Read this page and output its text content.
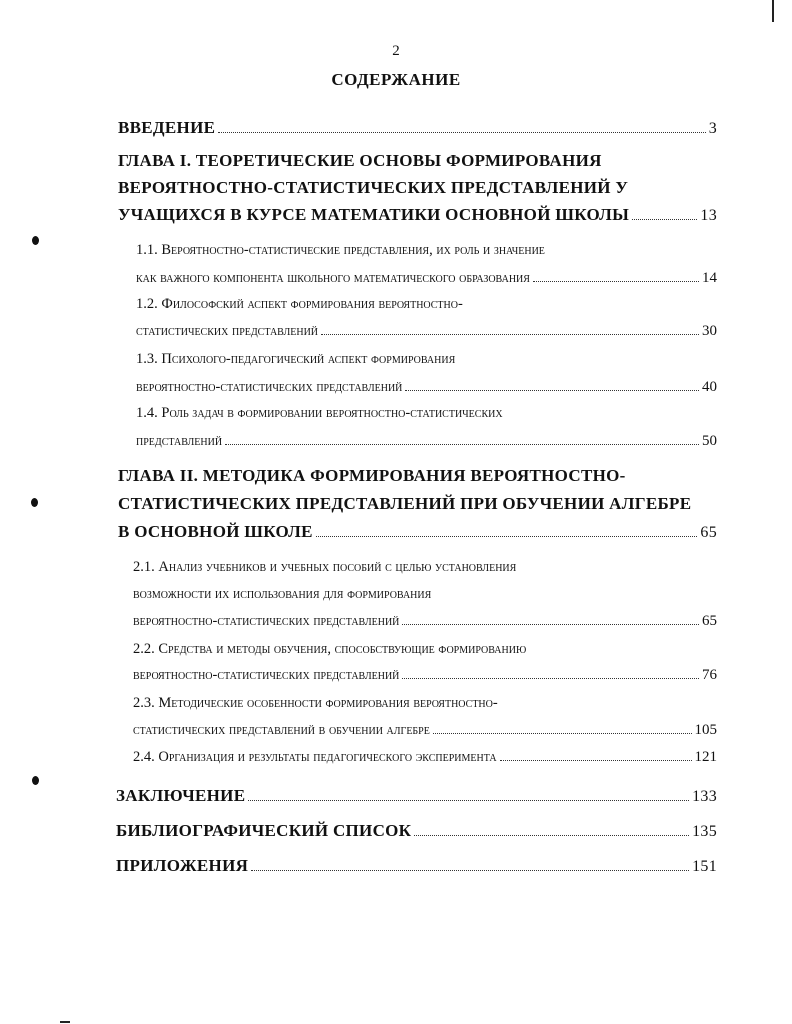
2
СОДЕРЖАНИЕ
ВВЕДЕНИЕ	3
ГЛАВА I. ТЕОРЕТИЧЕСКИЕ ОСНОВЫ ФОРМИРОВАНИЯ
ВЕРОЯТНОСТНО-СТАТИСТИЧЕСКИХ ПРЕДСТАВЛЕНИЙ У
УЧАЩИХСЯ В КУРСЕ МАТЕМАТИКИ ОСНОВНОЙ ШКОЛЫ	13
1.1. Вероятностно-статистические представления, их роль и значение
как важного компонента школьного математического образования	14
1.2. Философский аспект формирования вероятностно-
статистических представлений	30
1.3. Психолого-педагогический аспект формирования
вероятностно-статистических представлений	40
1.4. Роль задач в формировании вероятностно-статистических
представлений	50
ГЛАВА II. МЕТОДИКА ФОРМИРОВАНИЯ ВЕРОЯТНОСТНО-
СТАТИСТИЧЕСКИХ ПРЕДСТАВЛЕНИЙ ПРИ ОБУЧЕНИИ АЛГЕБРЕ
В ОСНОВНОЙ ШКОЛЕ	65
2.1. Анализ учебников и учебных пособий с целью установления
возможности их использования для формирования
вероятностно-статистических представлений	65
2.2. Средства и методы обучения, способствующие формированию
вероятностно-статистических представлений	76
2.3. Методические особенности формирования вероятностно-
статистических представлений в обучении алгебре	105
2.4. Организация и результаты педагогического эксперимента	121
ЗАКЛЮЧЕНИЕ	133
БИБЛИОГРАФИЧЕСКИЙ СПИСОК	135
ПРИЛОЖЕНИЯ	151
